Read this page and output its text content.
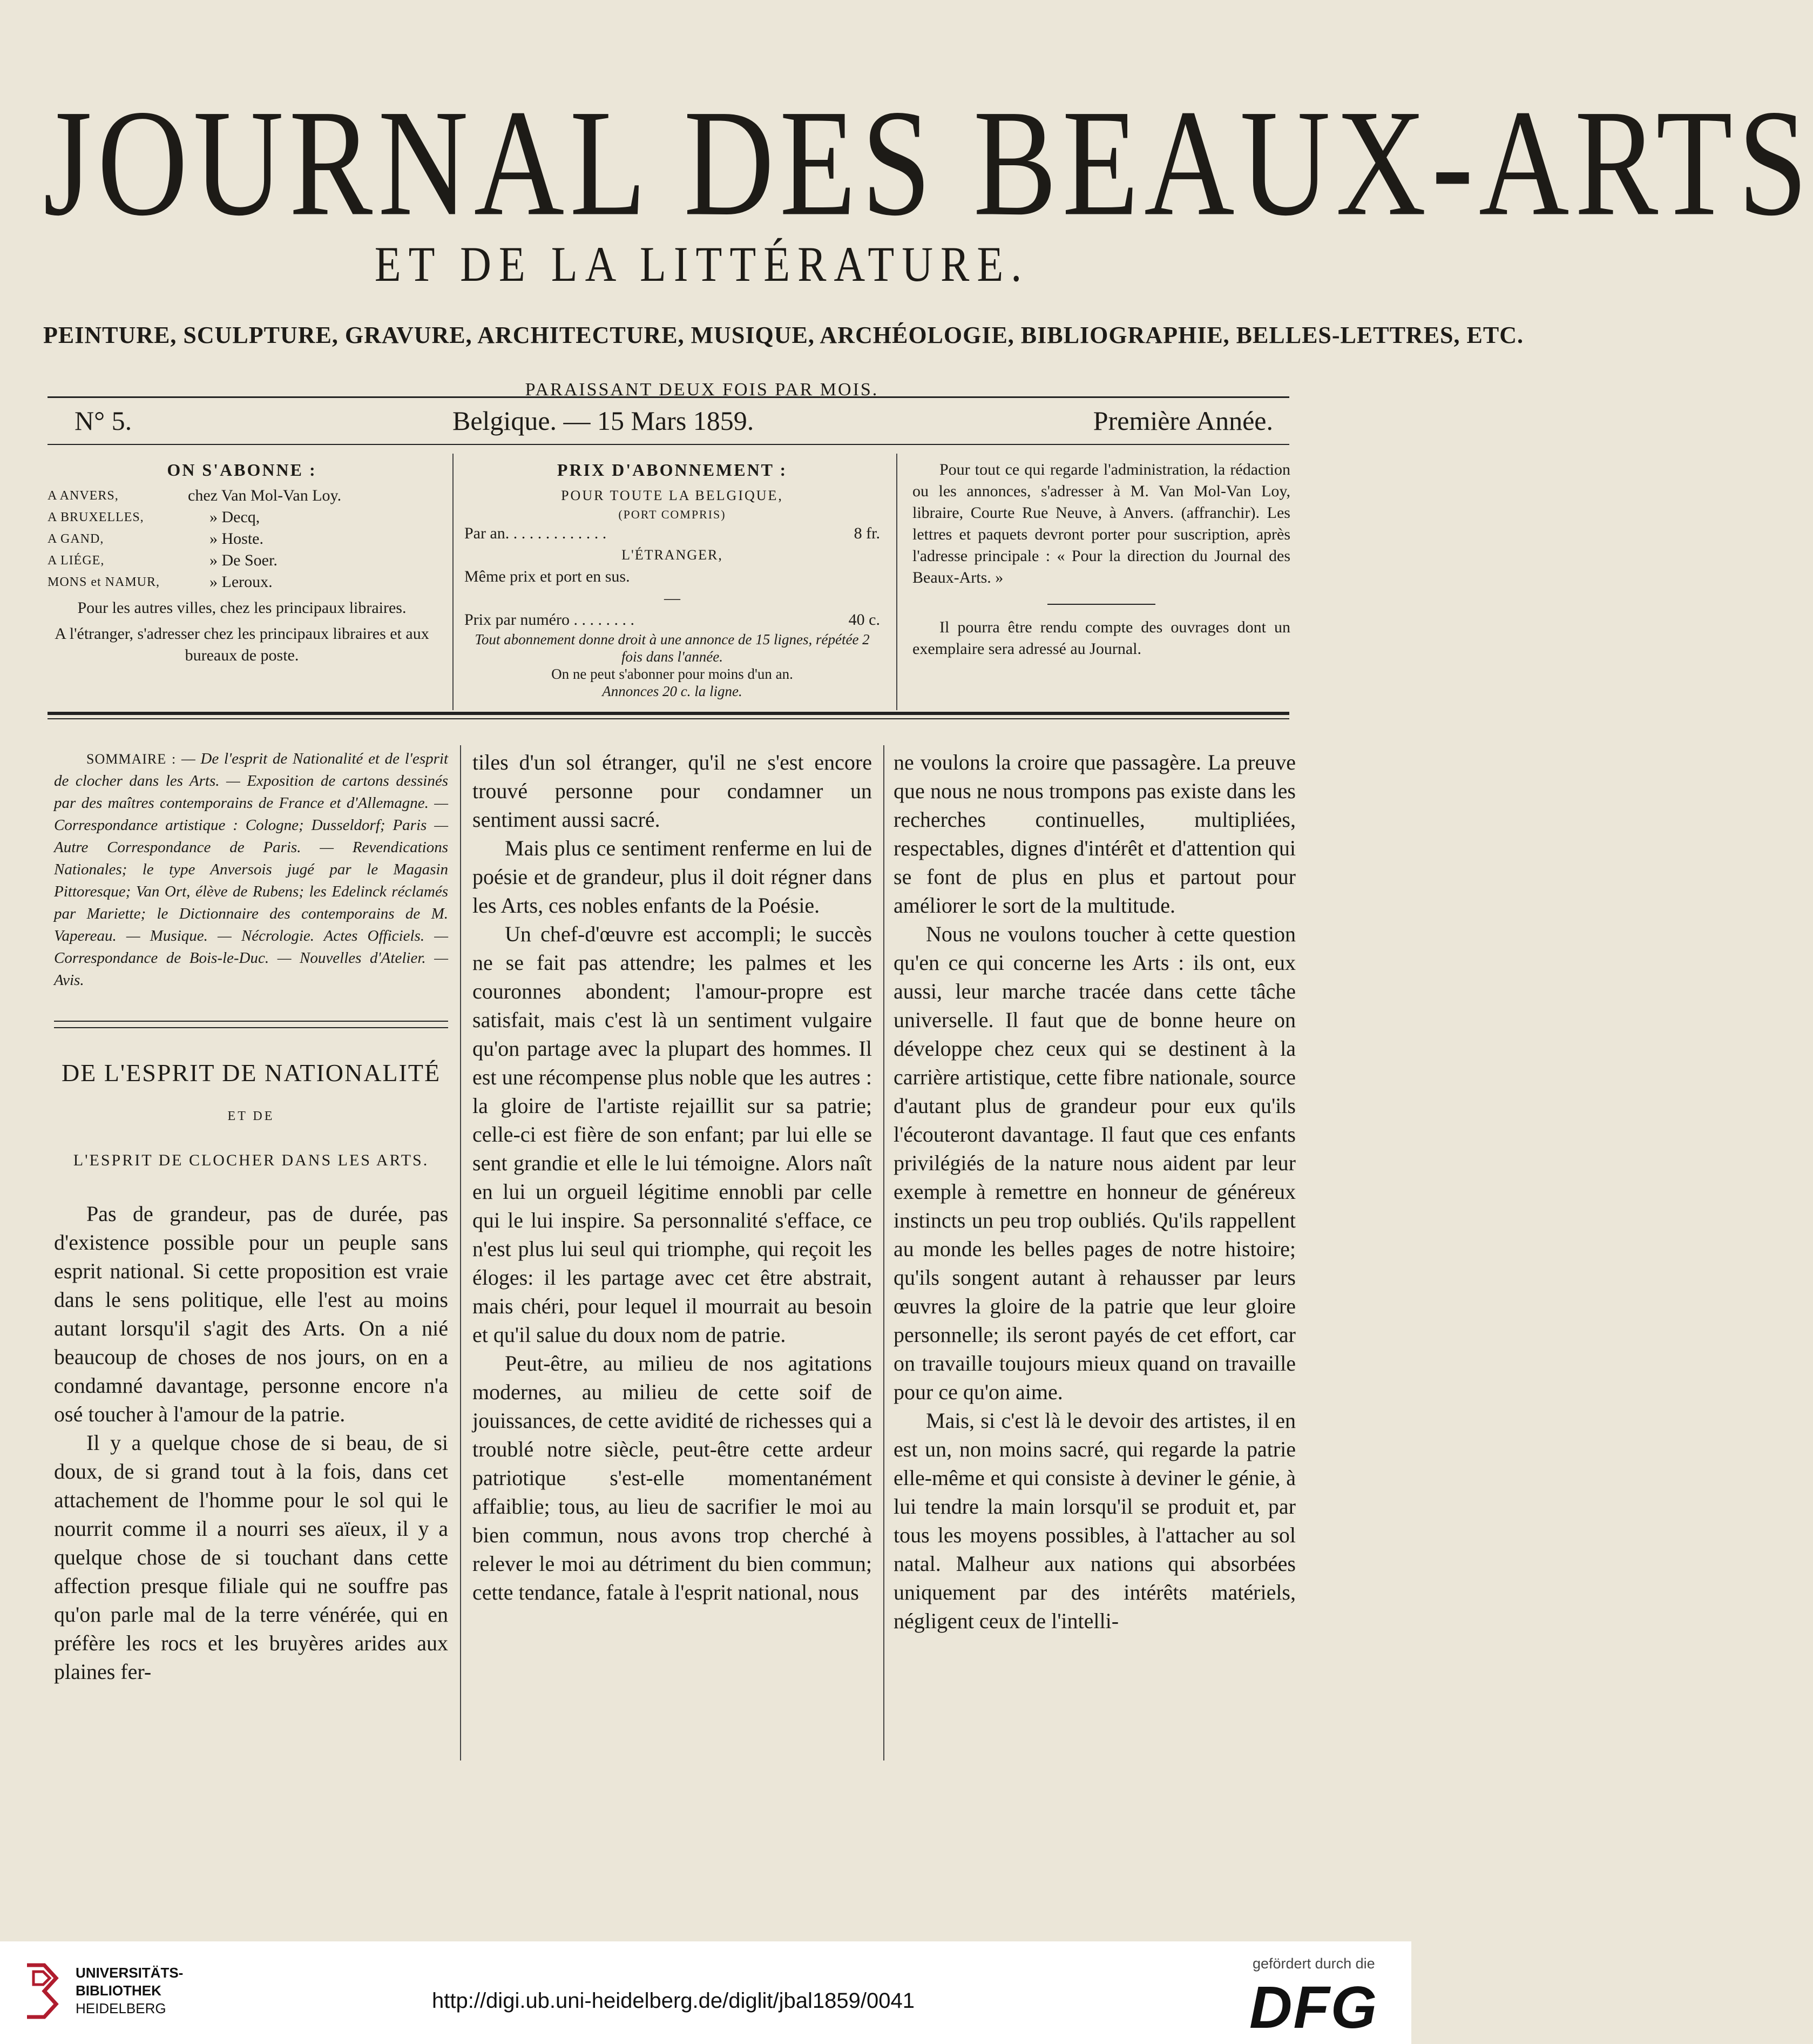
JOURNAL DES BEAUX-ARTS
ET DE LA LITTÉRATURE.
PEINTURE, SCULPTURE, GRAVURE, ARCHITECTURE, MUSIQUE, ARCHÉOLOGIE, BIBLIOGRAPHIE, BELLES-LETTRES, ETC.
PARAISSANT DEUX FOIS PAR MOIS.
N° 5.	Belgique. — 15 Mars 1859.	Première Année.
ON S'ABONNE :
A ANVERS,	chez Van Mol-Van Loy.
A BRUXELLES,	» Decq,
A GAND,	» Hoste.
A LIÉGE,	» De Soer.
MONS et NAMUR,	» Leroux.
Pour les autres villes, chez les principaux libraires.
A l'étranger, s'adresser chez les principaux libraires et aux bureaux de poste.
PRIX D'ABONNEMENT :
POUR TOUTE LA BELGIQUE,
(PORT COMPRIS)
Par an. . . . . . . . . . . . .	8 fr.
L'ÉTRANGER,
Même prix et port en sus.
—
Prix par numéro . . . . . . . .	40 c.
Tout abonnement donne droit à une annonce de 15 lignes, répétée 2 fois dans l'année.
On ne peut s'abonner pour moins d'un an.
Annonces 20 c. la ligne.
Pour tout ce qui regarde l'administration, la rédaction ou les annonces, s'adresser à M. Van Mol-Van Loy, libraire, Courte Rue Neuve, à Anvers. (affranchir). Les lettres et paquets devront porter pour suscription, après l'adresse principale : « Pour la direction du Journal des Beaux-Arts. »
Il pourra être rendu compte des ouvrages dont un exemplaire sera adressé au Journal.
SOMMAIRE : — De l'esprit de Nationalité et de l'esprit de clocher dans les Arts. — Exposition de cartons dessinés par des maîtres contemporains de France et d'Allemagne. — Correspondance artistique : Cologne; Dusseldorf; Paris — Autre Correspondance de Paris. — Revendications Nationales; le type Anversois jugé par le Magasin Pittoresque; Van Ort, élève de Rubens; les Edelinck réclamés par Mariette; le Dictionnaire des contemporains de M. Vapereau. — Musique. — Nécrologie. Actes Officiels. — Correspondance de Bois-le-Duc. — Nouvelles d'Atelier. — Avis.
DE L'ESPRIT DE NATIONALITÉ
ET DE
L'ESPRIT DE CLOCHER DANS LES ARTS.

Pas de grandeur, pas de durée, pas d'existence possible pour un peuple sans esprit national. Si cette proposition est vraie dans le sens politique, elle l'est au moins autant lorsqu'il s'agit des Arts. On a nié beaucoup de choses de nos jours, on en a condamné davantage, personne encore n'a osé toucher à l'amour de la patrie.

Il y a quelque chose de si beau, de si doux, de si grand tout à la fois, dans cet attachement de l'homme pour le sol qui le nourrit comme il a nourri ses aïeux, il y a quelque chose de si touchant dans cette affection presque filiale qui ne souffre pas qu'on parle mal de la terre vénérée, qui en préfère les rocs et les bruyères arides aux plaines fer-

tiles d'un sol étranger, qu'il ne s'est encore trouvé personne pour condamner un sentiment aussi sacré.

Mais plus ce sentiment renferme en lui de poésie et de grandeur, plus il doit régner dans les Arts, ces nobles enfants de la Poésie.

Un chef-d'œuvre est accompli; le succès ne se fait pas attendre; les palmes et les couronnes abondent; l'amour-propre est satisfait, mais c'est là un sentiment vulgaire qu'on partage avec la plupart des hommes. Il est une récompense plus noble que les autres : la gloire de l'artiste rejaillit sur sa patrie; celle-ci est fière de son enfant; par lui elle se sent grandie et elle le lui témoigne. Alors naît en lui un orgueil légitime ennobli par celle qui le lui inspire. Sa personnalité s'efface, ce n'est plus lui seul qui triomphe, qui reçoit les éloges: il les partage avec cet être abstrait, mais chéri, pour lequel il mourrait au besoin et qu'il salue du doux nom de patrie.

Peut-être, au milieu de nos agitations modernes, au milieu de cette soif de jouissances, de cette avidité de richesses qui a troublé notre siècle, peut-être cette ardeur patriotique s'est-elle momentanément affaiblie; tous, au lieu de sacrifier le moi au bien commun, nous avons trop cherché à relever le moi au détriment du bien commun; cette tendance, fatale à l'esprit national, nous

ne voulons la croire que passagère. La preuve que nous ne nous trompons pas existe dans les recherches continuelles, multipliées, respectables, dignes d'intérêt et d'attention qui se font de plus en plus et partout pour améliorer le sort de la multitude.

Nous ne voulons toucher à cette question qu'en ce qui concerne les Arts : ils ont, eux aussi, leur marche tracée dans cette tâche universelle. Il faut que de bonne heure on développe chez ceux qui se destinent à la carrière artistique, cette fibre nationale, source d'autant plus de grandeur pour eux qu'ils l'écouteront davantage. Il faut que ces enfants privilégiés de la nature nous aident par leur exemple à remettre en honneur de généreux instincts un peu trop oubliés. Qu'ils rappellent au monde les belles pages de notre histoire; qu'ils songent autant à rehausser par leurs œuvres la gloire de la patrie que leur gloire personnelle; ils seront payés de cet effort, car on travaille toujours mieux quand on travaille pour ce qu'on aime.

Mais, si c'est là le devoir des artistes, il en est un, non moins sacré, qui regarde la patrie elle-même et qui consiste à deviner le génie, à lui tendre la main lorsqu'il se produit et, par tous les moyens possibles, à l'attacher au sol natal. Malheur aux nations qui absorbées uniquement par des intérêts matériels, négligent ceux de l'intelli-

UNIVERSITÄTS-
BIBLIOTHEK
HEIDELBERG	http://digi.ub.uni-heidelberg.de/diglit/jbal1859/0041
gefördert durch die
DFG
